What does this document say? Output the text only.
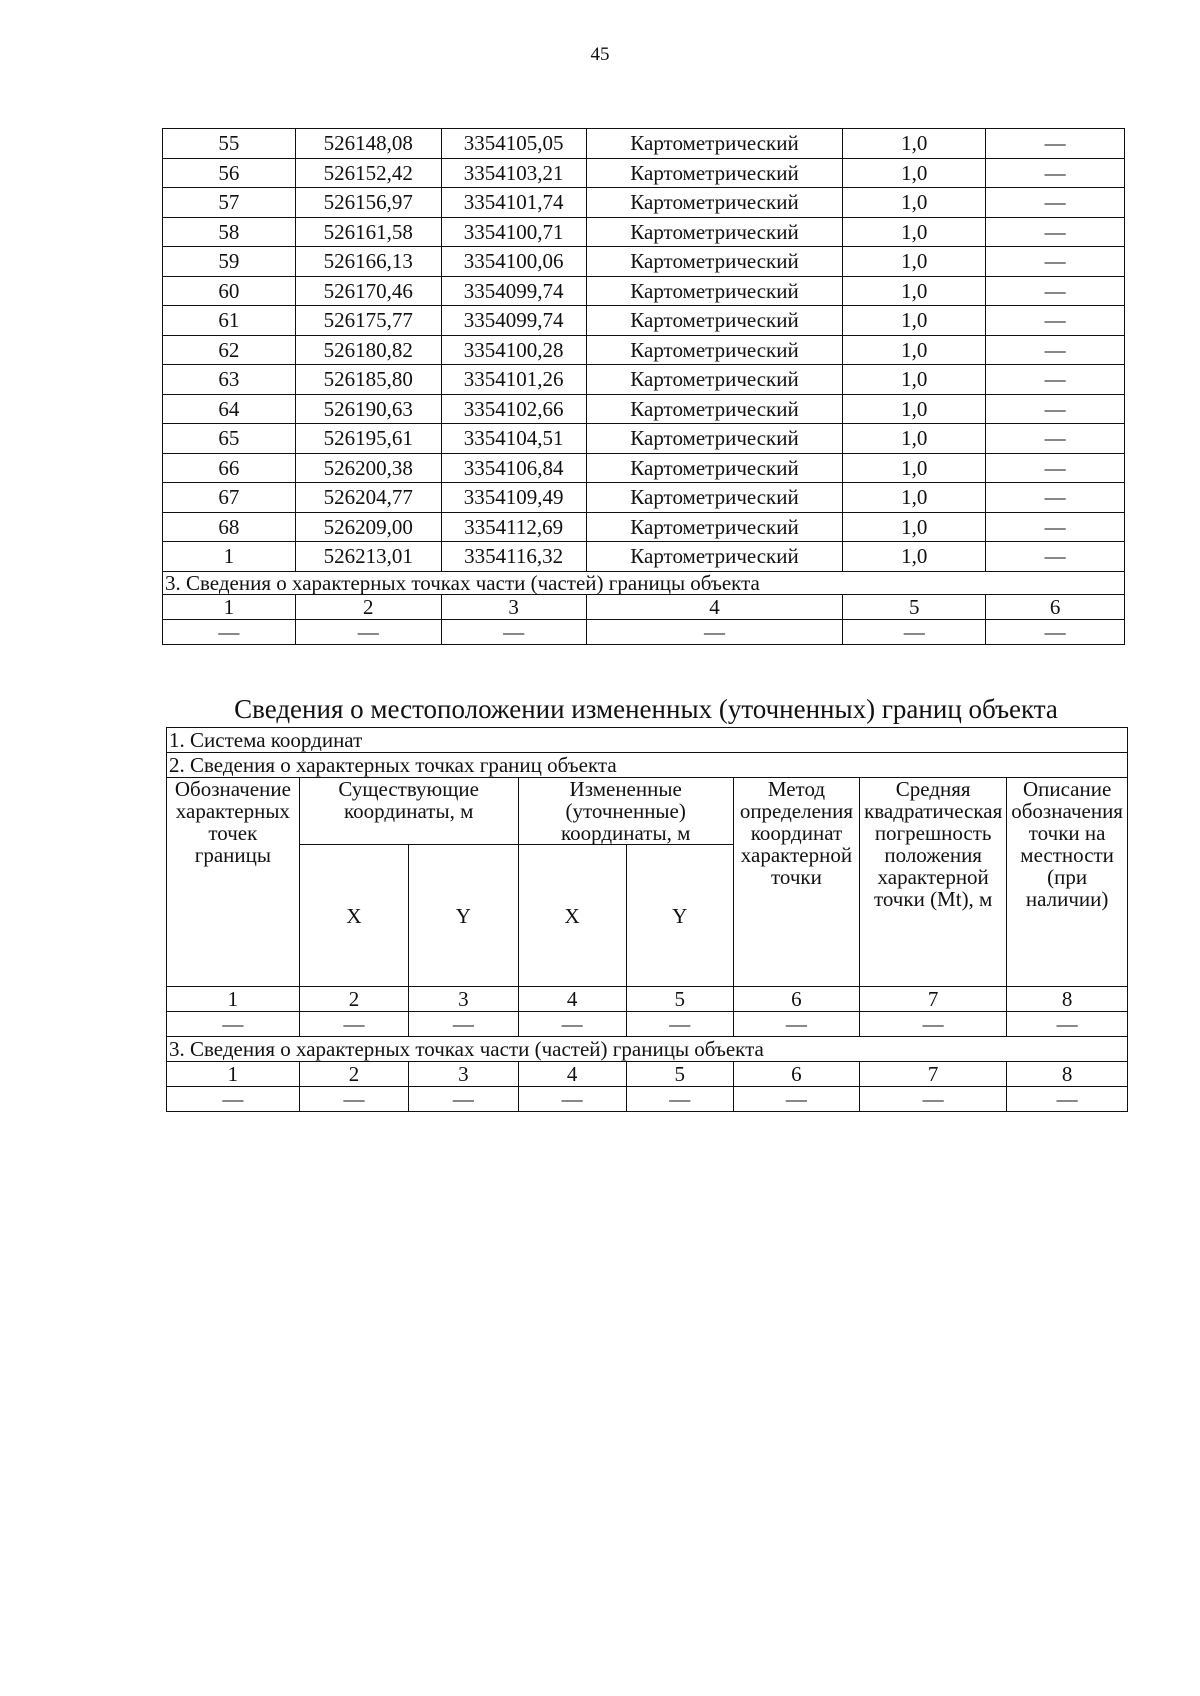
45
55	526148,08	3354105,05	Картометрический	1,0	—
56	526152,42	3354103,21	Картометрический	1,0	—
57	526156,97	3354101,74	Картометрический	1,0	—
58	526161,58	3354100,71	Картометрический	1,0	—
59	526166,13	3354100,06	Картометрический	1,0	—
60	526170,46	3354099,74	Картометрический	1,0	—
61	526175,77	3354099,74	Картометрический	1,0	—
62	526180,82	3354100,28	Картометрический	1,0	—
63	526185,80	3354101,26	Картометрический	1,0	—
64	526190,63	3354102,66	Картометрический	1,0	—
65	526195,61	3354104,51	Картометрический	1,0	—
66	526200,38	3354106,84	Картометрический	1,0	—
67	526204,77	3354109,49	Картометрический	1,0	—
68	526209,00	3354112,69	Картометрический	1,0	—
1	526213,01	3354116,32	Картометрический	1,0	—
3. Сведения о характерных точках части (частей) границы объекта					
1	2	3	4	5	6
—	—	—	—	—	—
Сведения о местоположении измененных (уточненных) границ объекта
1. Система координат							
2. Сведения о характерных точках границ объекта							
Обозначение характерных точек границы	Существующие координаты, м		Измененные (уточненные) координаты, м		Метод определения координат характерной точки	Средняя квадратическая погрешность положения характерной точки (Mt), м	Описание обозначения точки на местности (при наличии)
	X	Y	X	Y			
1	2	3	4	5	6	7	8
—	—	—	—	—	—	—	—
3. Сведения о характерных точках части (частей) границы объекта							
1	2	3	4	5	6	7	8
—	—	—	—	—	—	—	—
